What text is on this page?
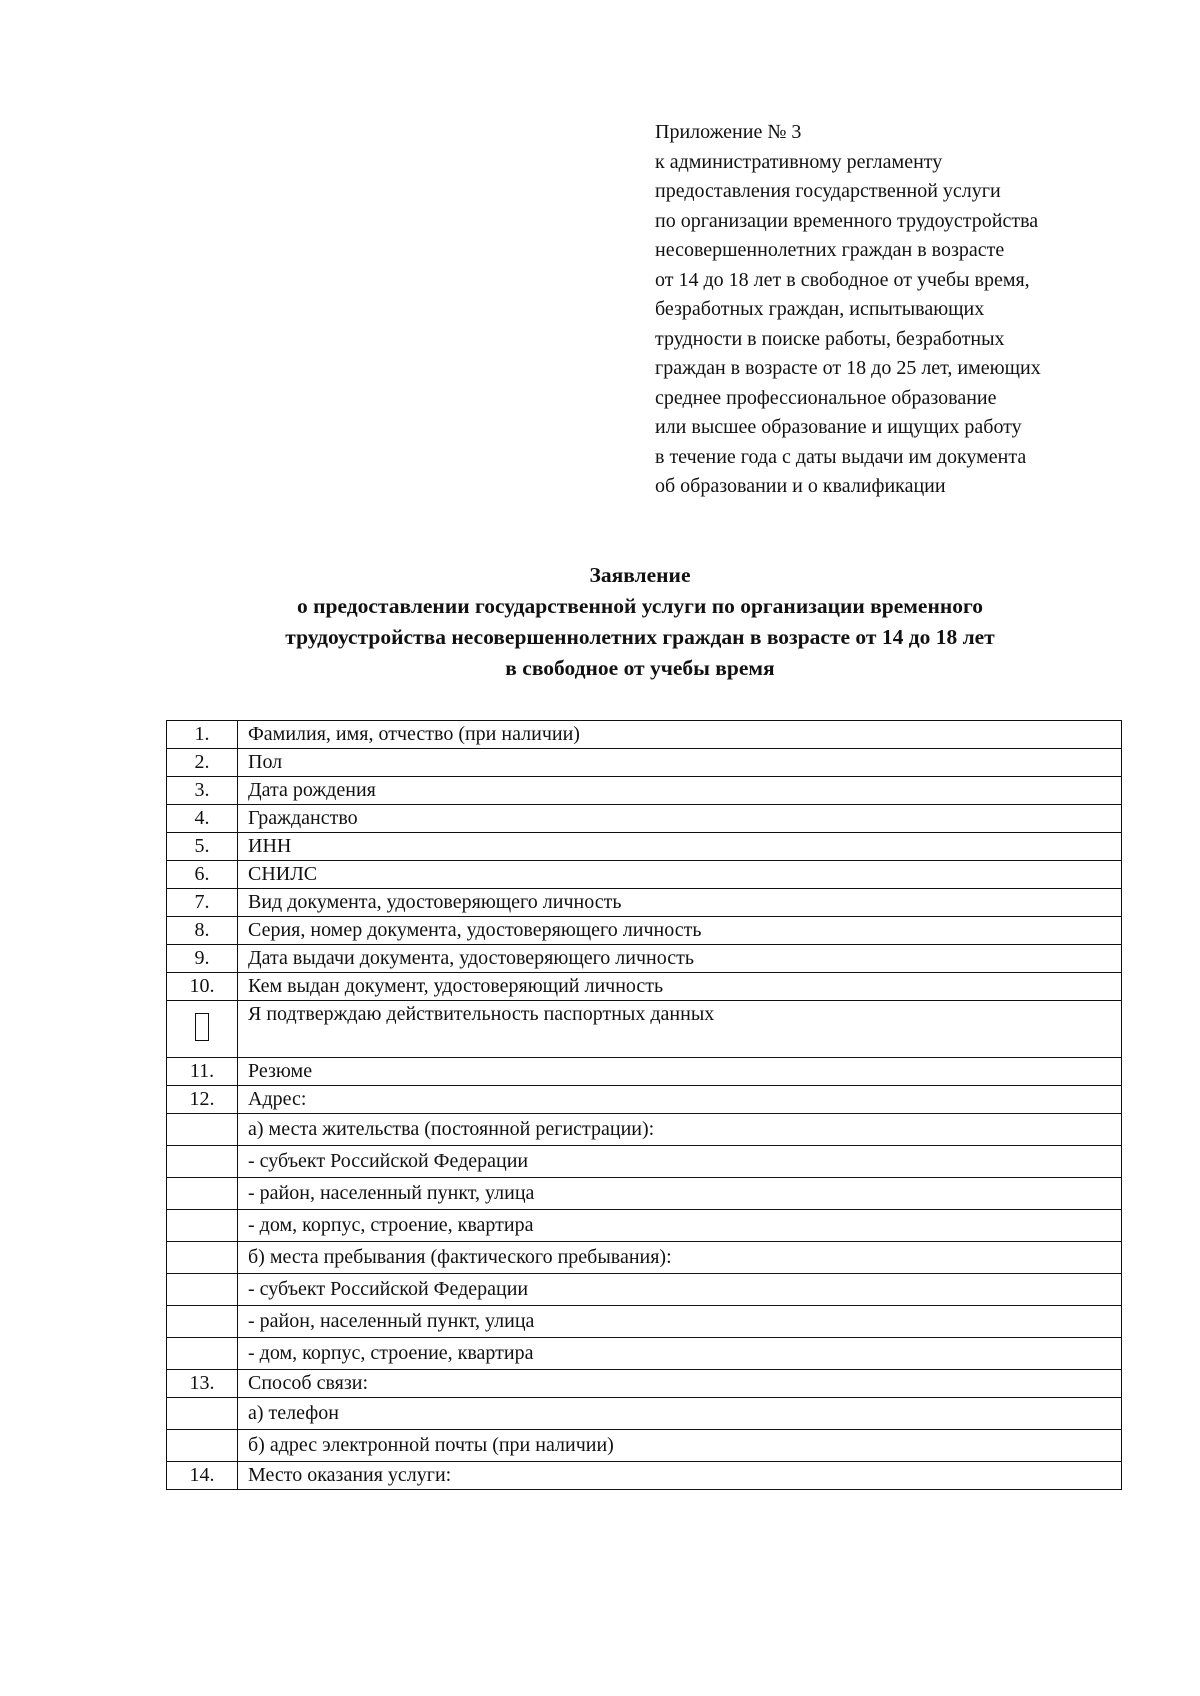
Приложение № 3
к административному регламенту
предоставления государственной услуги
по организации временного трудоустройства
несовершеннолетних граждан в возрасте
от 14 до 18 лет в свободное от учебы время,
безработных граждан, испытывающих
трудности в поиске работы, безработных
граждан в возрасте от 18 до 25 лет, имеющих
среднее профессиональное образование
или высшее образование и ищущих работу
в течение года с даты выдачи им документа
об образовании и о квалификации
Заявление
о предоставлении государственной услуги по организации временного
трудоустройства несовершеннолетних граждан в возрасте от 14 до 18 лет
в свободное от учебы время
1.	Фамилия, имя, отчество (при наличии)
2.	Пол
3.	Дата рождения
4.	Гражданство
5.	ИНН
6.	СНИЛС
7.	Вид документа, удостоверяющего личность
8.	Серия, номер документа, удостоверяющего личность
9.	Дата выдачи документа, удостоверяющего личность
10.	Кем выдан документ, удостоверяющий личность
	Я подтверждаю действительность паспортных данных
11.	Резюме
12.	Адрес:
	а) места жительства (постоянной регистрации):
	- субъект Российской Федерации
	- район, населенный пункт, улица
	- дом, корпус, строение, квартира
	б) места пребывания (фактического пребывания):
	- субъект Российской Федерации
	- район, населенный пункт, улица
	- дом, корпус, строение, квартира
13.	Способ связи:
	а) телефон
	б) адрес электронной почты (при наличии)
14.	Место оказания услуги:
